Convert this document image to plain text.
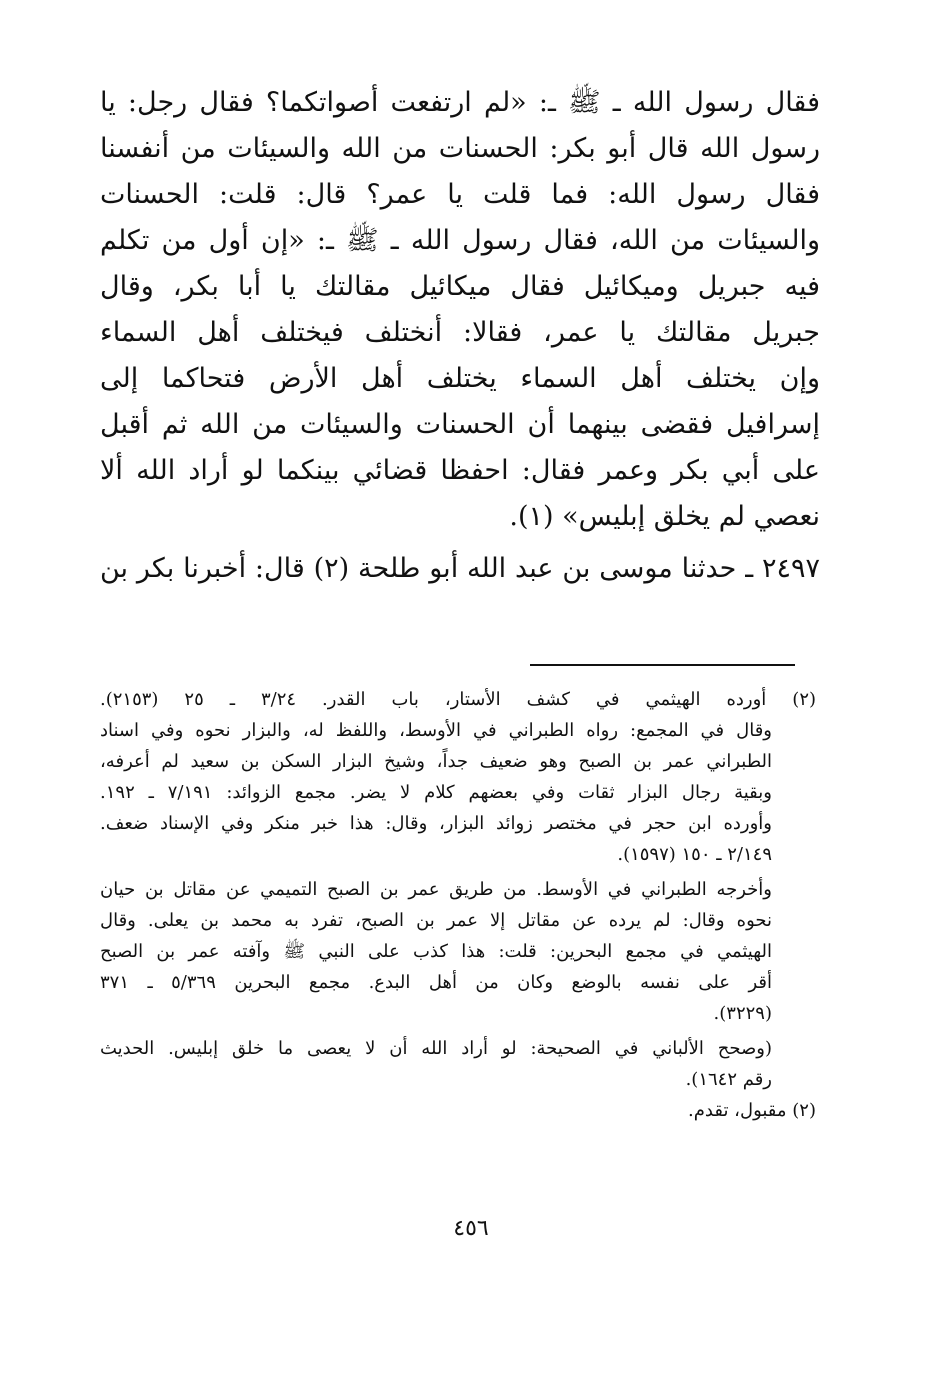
فقال رسول الله ـ ﷺ ـ: «لم ارتفعت أصواتكما؟ فقال رجل: يا
رسول الله قال أبو بكر: الحسنات من الله والسيئات من أنفسنا
فقال رسول الله: فما قلت يا عمر؟ قال: قلت: الحسنات
والسيئات من الله، فقال رسول الله ـ ﷺ ـ: «إن أول من تكلم
فيه جبريل وميكائيل فقال ميكائيل مقالتك يا أبا بكر، وقال
جبريل مقالتك يا عمر، فقالا: أنختلف فيختلف أهل السماء
وإن يختلف أهل السماء يختلف أهل الأرض فتحاكما إلى
إسرافيل فقضى بينهما أن الحسنات والسيئات من الله ثم أقبل
على أبي بكر وعمر فقال: احفظا قضائي بينكما لو أراد الله ألا
نعصي لم يخلق إبليس» (١).
٢٤٩٧ ـ حدثنا موسى بن عبد الله أبو طلحة (٢) قال: أخبرنا بكر بن
(٢) أورده الهيثمي في كشف الأستار، باب القدر. ٣/٢٤ ـ ٢٥ (٢١٥٣).
وقال في المجمع: رواه الطبراني في الأوسط، واللفظ له، والبزار نحوه وفي اسناد
الطبراني عمر بن الصبح وهو ضعيف جداً، وشيخ البزار السكن بن سعيد لم أعرفه،
وبقية رجال البزار ثقات وفي بعضهم كلام لا يضر. مجمع الزوائد: ٧/١٩١ ـ ١٩٢.
وأورده ابن حجر في مختصر زوائد البزار، وقال: هذا خبر منكر وفي الإسناد ضعف.
٢/١٤٩ ـ ١٥٠ (١٥٩٧).
وأخرجه الطبراني في الأوسط. من طريق عمر بن الصبح التميمي عن مقاتل بن حيان
نحوه وقال: لم يرده عن مقاتل إلا عمر بن الصبح، تفرد به محمد بن يعلى. وقال
الهيثمي في مجمع البحرين: قلت: هذا كذب على النبي ﷺ وآفته عمر بن الصبح
أقر على نفسه بالوضع وكان من أهل البدع. مجمع البحرين ٥/٣٦٩ ـ ٣٧١
(٣٢٢٩).
(وصحح الألباني في الصحيحة: لو أراد الله أن لا يعصى ما خلق إبليس. الحديث
رقم ١٦٤٢).
(٢) مقبول، تقدم.
٤٥٦
